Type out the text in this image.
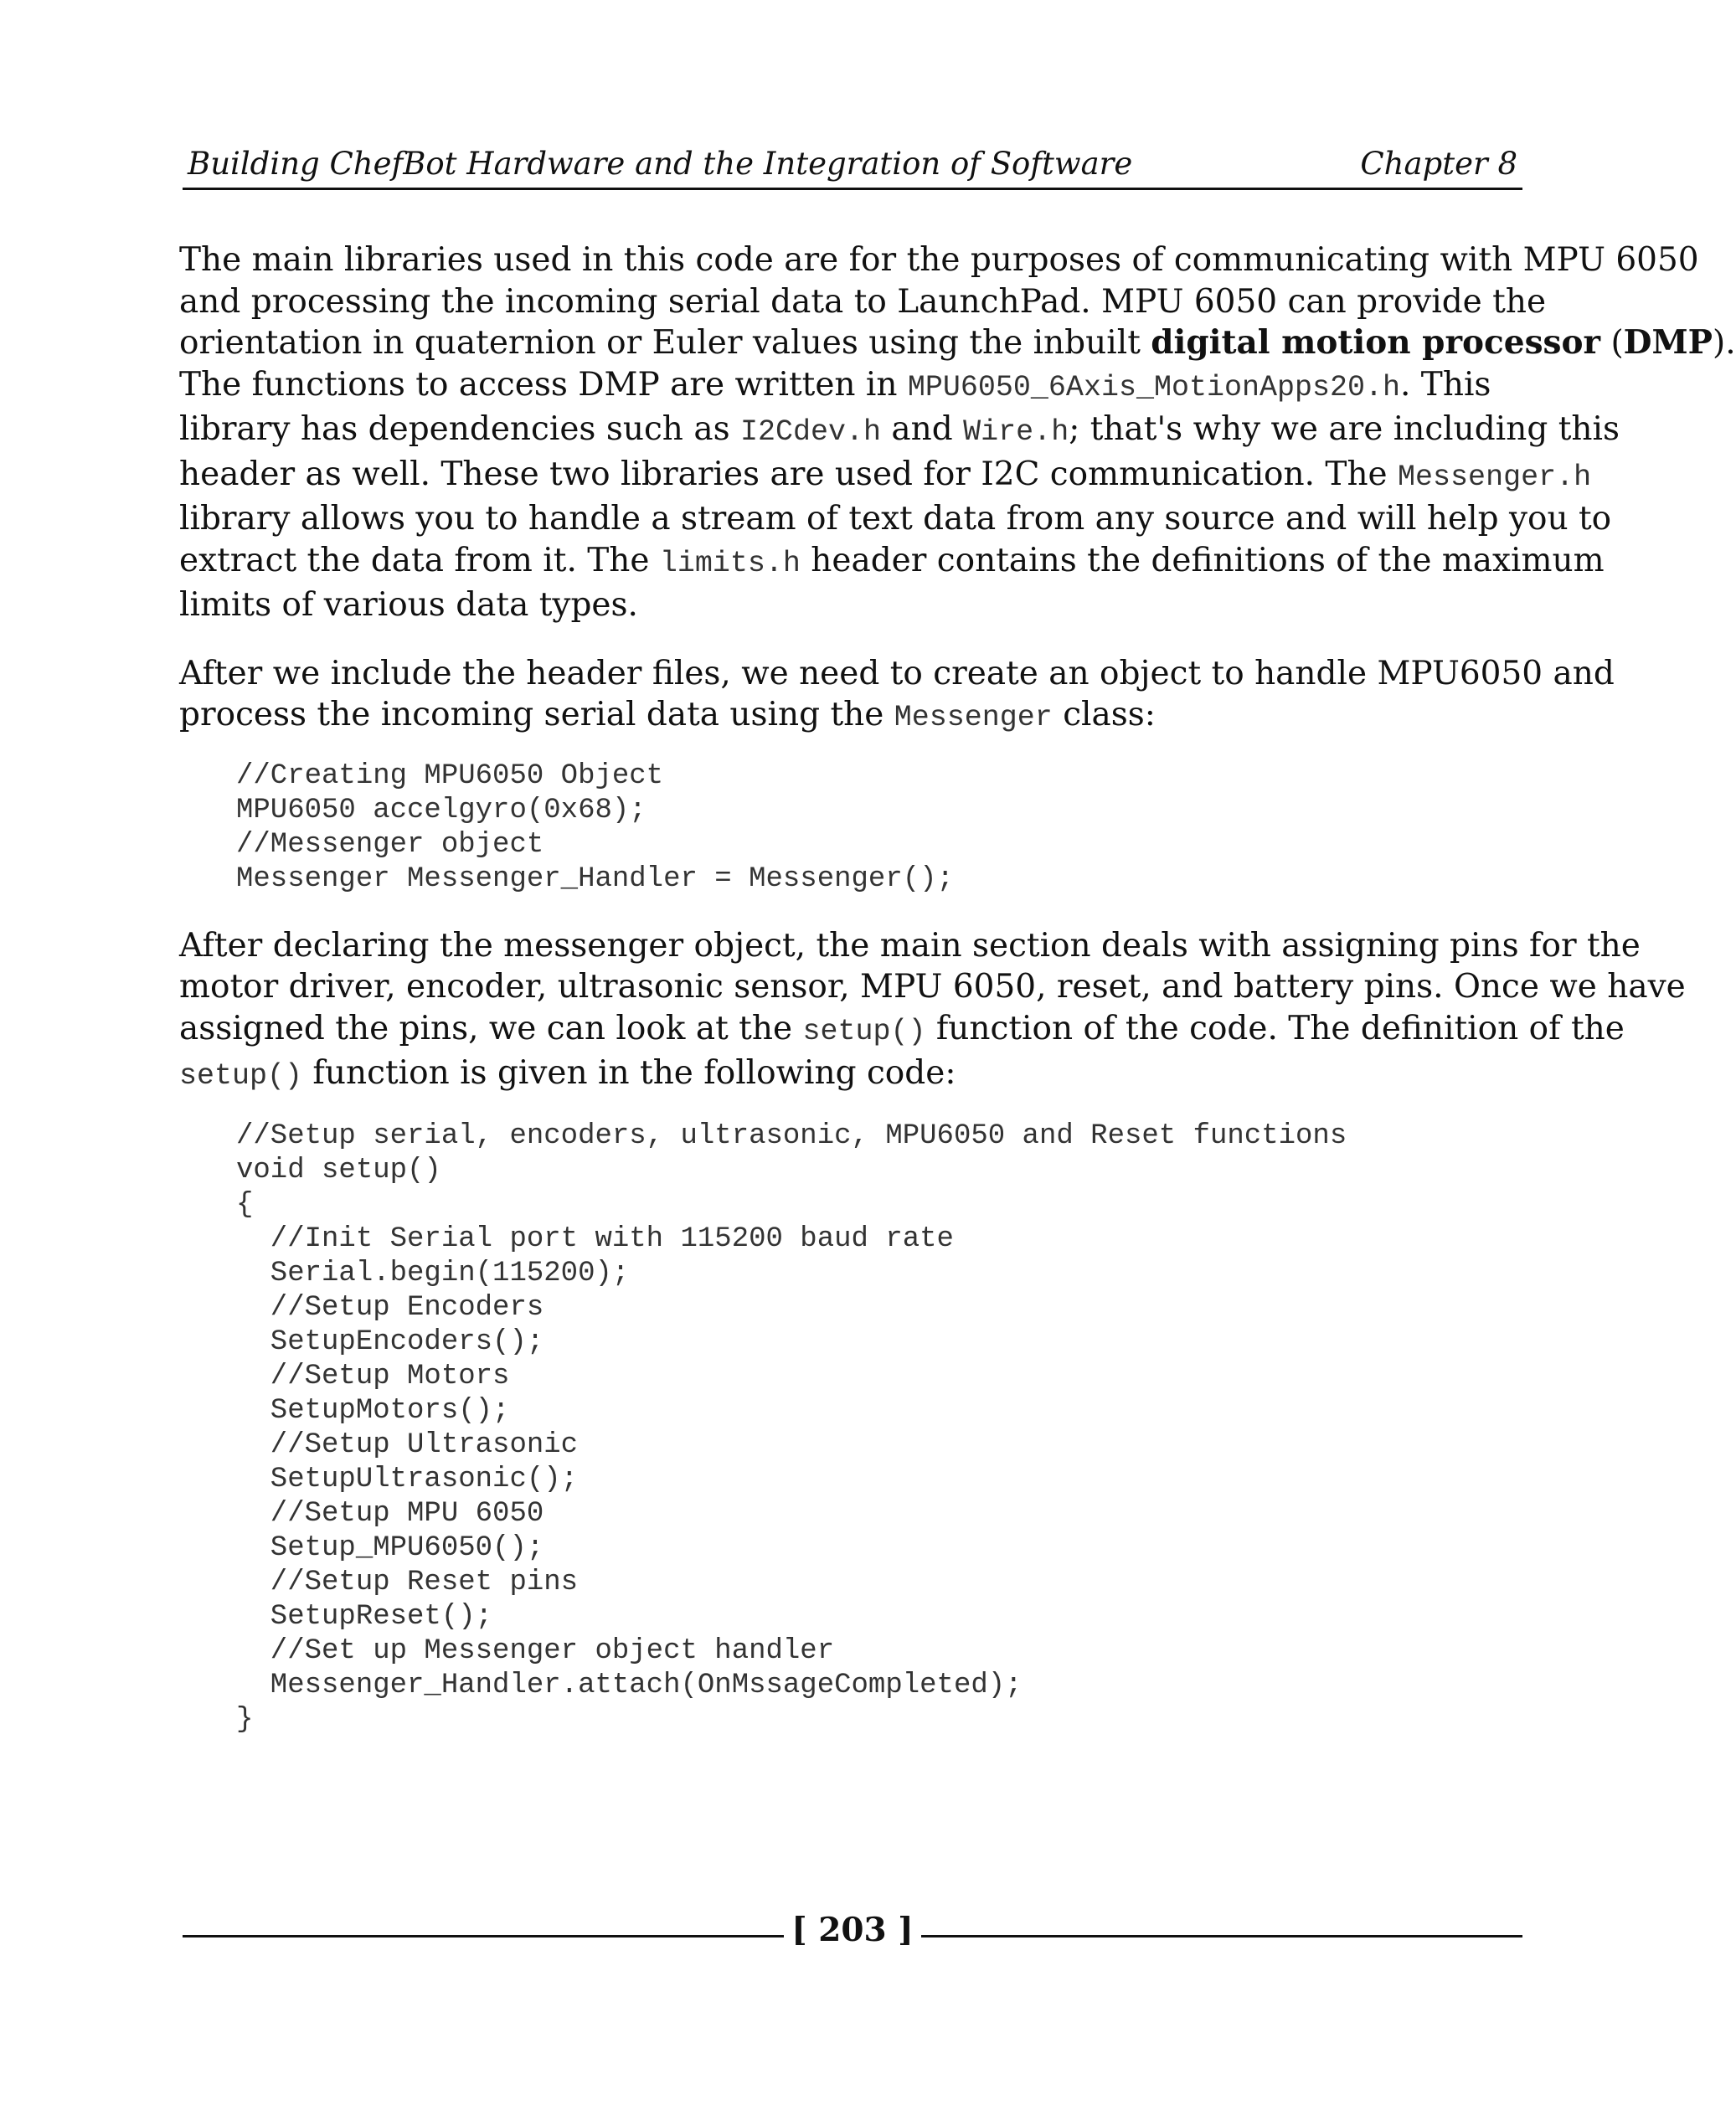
Building ChefBot Hardware and the Integration of Software	Chapter 8

The main libraries used in this code are for the purposes of communicating with MPU 6050
and processing the incoming serial data to LaunchPad. MPU 6050 can provide the
orientation in quaternion or Euler values using the inbuilt digital motion processor (DMP).
The functions to access DMP are written in MPU6050_6Axis_MotionApps20.h. This
library has dependencies such as I2Cdev.h and Wire.h; that's why we are including this
header as well. These two libraries are used for I2C communication. The Messenger.h
library allows you to handle a stream of text data from any source and will help you to
extract the data from it. The limits.h header contains the definitions of the maximum
limits of various data types.

After we include the header files, we need to create an object to handle MPU6050 and
process the incoming serial data using the Messenger class:

//Creating MPU6050 Object
MPU6050 accelgyro(0x68);
//Messenger object
Messenger Messenger_Handler = Messenger();

After declaring the messenger object, the main section deals with assigning pins for the
motor driver, encoder, ultrasonic sensor, MPU 6050, reset, and battery pins. Once we have
assigned the pins, we can look at the setup() function of the code. The definition of the
setup() function is given in the following code:

//Setup serial, encoders, ultrasonic, MPU6050 and Reset functions
void setup()
{
//Init Serial port with 115200 baud rate
Serial.begin(115200);
//Setup Encoders
SetupEncoders();
//Setup Motors
SetupMotors();
//Setup Ultrasonic
SetupUltrasonic();
//Setup MPU 6050
Setup_MPU6050();
//Setup Reset pins
SetupReset();
//Set up Messenger object handler
Messenger_Handler.attach(OnMssageCompleted);
}
[ 203 ]
